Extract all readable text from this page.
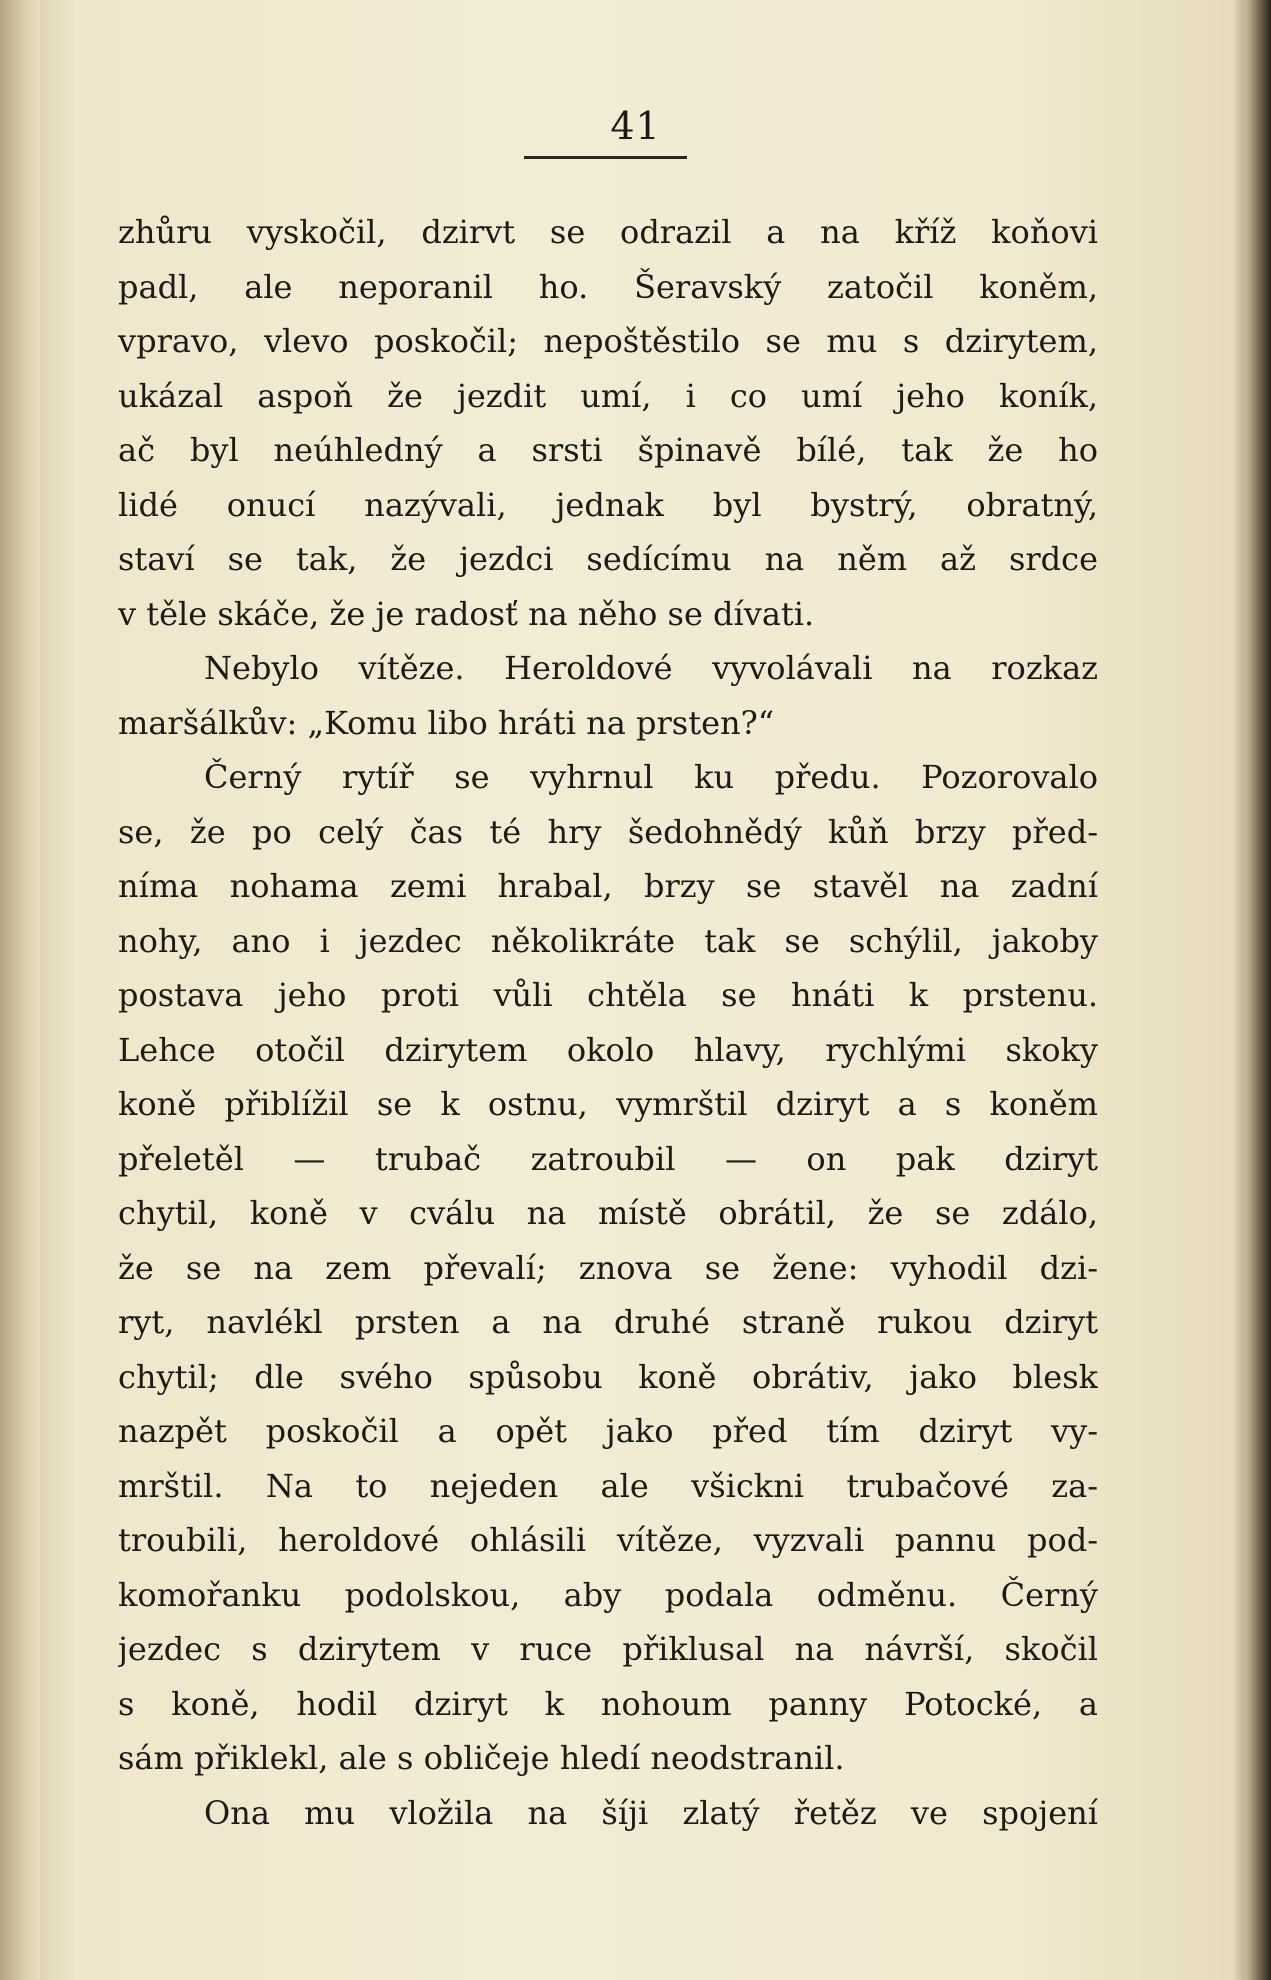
41
zhůru vyskočil, dzirvt se odrazil a na kříž koňovi
padl, ale neporanil ho. Šeravský zatočil koněm,
vpravo, vlevo poskočil; nepoštěstilo se mu s dzirytem,
ukázal aspoň že jezdit umí, i co umí jeho koník,
ač byl neúhledný a srsti špinavě bílé, tak že ho
lidé onucí nazývali, jednak byl bystrý, obratný,
staví se tak, že jezdci sedícímu na něm až srdce
v těle skáče, že je radosť na něho se dívati.
Nebylo vítěze. Heroldové vyvolávali na rozkaz
maršálkův: „Komu libo hráti na prsten?“
Černý rytíř se vyhrnul ku předu. Pozorovalo
se, že po celý čas té hry šedohnědý kůň brzy před-
níma nohama zemi hrabal, brzy se stavěl na zadní
nohy, ano i jezdec několikráte tak se schýlil, jakoby
postava jeho proti vůli chtěla se hnáti k prstenu.
Lehce otočil dzirytem okolo hlavy, rychlými skoky
koně přiblížil se k ostnu, vymrštil dziryt a s koněm
přeletěl — trubač zatroubil — on pak dziryt
chytil, koně v cválu na místě obrátil, že se zdálo,
že se na zem převalí; znova se žene: vyhodil dzi-
ryt, navlékl prsten a na druhé straně rukou dziryt
chytil; dle svého spůsobu koně obrátiv, jako blesk
nazpět poskočil a opět jako před tím dziryt vy-
mrštil. Na to nejeden ale všickni trubačové za-
troubili, heroldové ohlásili vítěze, vyzvali pannu pod-
komořanku podolskou, aby podala odměnu. Černý
jezdec s dzirytem v ruce přiklusal na návrší, skočil
s koně, hodil dziryt k nohoum panny Potocké, a
sám přiklekl, ale s obličeje hledí neodstranil.
Ona mu vložila na šíji zlatý řetěz ve spojení
